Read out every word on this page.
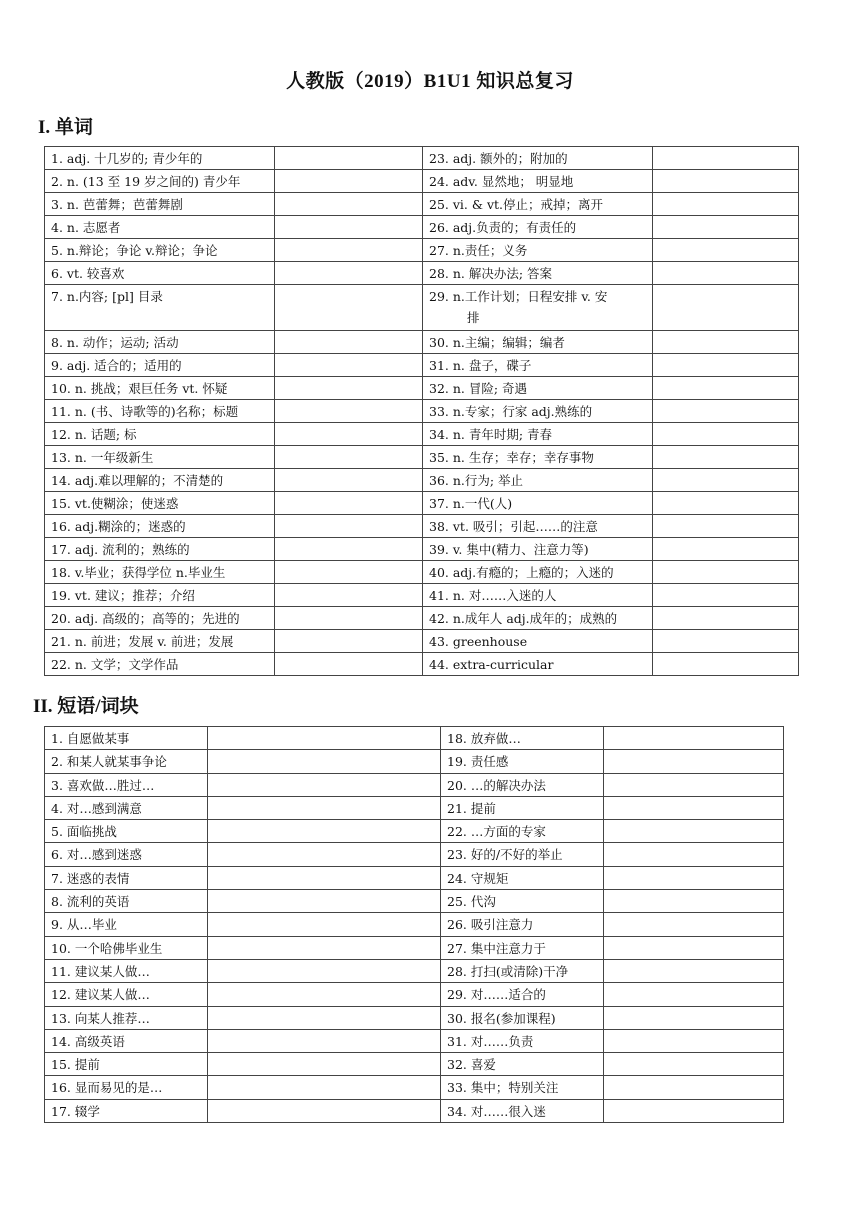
人教版（2019）B1U1 知识总复习
I. 单词
1. adj. 十几岁的; 青少年的		23. adj. 额外的；附加的	
2. n. (13 至 19 岁之间的) 青少年		24. adv. 显然地； 明显地	
3. n. 芭蕾舞；芭蕾舞剧		25. vi. & vt.停止；戒掉；离开	
4. n. 志愿者		26. adj.负责的；有责任的	
5. n.辩论；争论 v.辩论；争论		27. n.责任；义务	
6. vt. 较喜欢		28. n. 解决办法; 答案	
7. n.内容; [pl] 目录		29. n.工作计划；日程安排 v. 安
排	

8. n. 动作；运动; 活动		30. n.主编；编辑；编者	
9. adj. 适合的；适用的		31. n. 盘子，碟子	
10. n. 挑战；艰巨任务 vt. 怀疑		32. n. 冒险; 奇遇	
11. n. (书、诗歌等的)名称；标题		33. n.专家；行家 adj.熟练的	
12. n. 话题; 标		34. n. 青年时期; 青春	
13. n. 一年级新生		35. n. 生存；幸存；幸存事物	
14. adj.难以理解的；不清楚的		36. n.行为; 举止	
15. vt.使糊涂；使迷惑		37. n.一代(人)	
16. adj.糊涂的；迷惑的		38. vt. 吸引；引起……的注意	
17. adj. 流利的；熟练的		39. v. 集中(精力、注意力等)	
18. v.毕业；获得学位 n.毕业生		40. adj.有瘾的；上瘾的；入迷的	
19. vt. 建议；推荐；介绍		41. n. 对……入迷的人	
20. adj. 高级的；高等的；先进的		42. n.成年人 adj.成年的；成熟的	
21. n. 前进；发展 v. 前进；发展		43. greenhouse	
22. n. 文学；文学作品		44. extra-curricular	
II. 短语/词块
1. 自愿做某事		18. 放弃做…	
2. 和某人就某事争论		19. 责任感	
3. 喜欢做…胜过…		20. …的解决办法	
4. 对…感到满意		21. 提前	
5. 面临挑战		22. …方面的专家	
6. 对…感到迷惑		23. 好的/不好的举止	
7. 迷惑的表情		24. 守规矩	
8. 流利的英语		25. 代沟	
9. 从…毕业		26. 吸引注意力	
10. 一个哈佛毕业生		27. 集中注意力于	
11. 建议某人做…		28. 打扫(或清除)干净	
12. 建议某人做…		29. 对……适合的	
13. 向某人推荐…		30. 报名(参加课程)	
14. 高级英语		31. 对……负责	
15. 提前		32. 喜爱	
16. 显而易见的是…		33. 集中；特别关注	
17. 辍学		34. 对……很入迷	
